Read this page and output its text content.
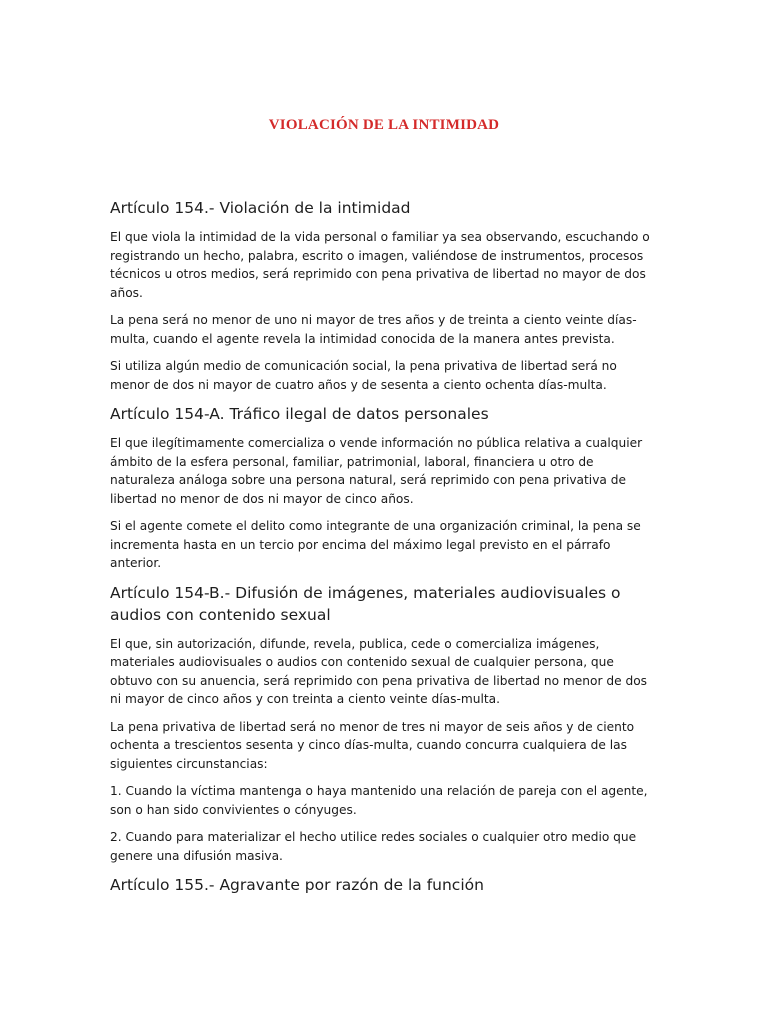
VIOLACIÓN DE LA INTIMIDAD
Artículo 154.- Violación de la intimidad

El que viola la intimidad de la vida personal o familiar ya sea observando, escuchando o registrando un hecho, palabra, escrito o imagen, valiéndose de instrumentos, procesos técnicos u otros medios, será reprimido con pena privativa de libertad no mayor de dos años.

La pena será no menor de uno ni mayor de tres años y de treinta a ciento veinte días-multa, cuando el agente revela la intimidad conocida de la manera antes prevista.

Si utiliza algún medio de comunicación social, la pena privativa de libertad será no menor de dos ni mayor de cuatro años y de sesenta a ciento ochenta días-multa.

Artículo 154-A. Tráfico ilegal de datos personales

El que ilegítimamente comercializa o vende información no pública relativa a cualquier ámbito de la esfera personal, familiar, patrimonial, laboral, financiera u otro de naturaleza análoga sobre una persona natural, será reprimido con pena privativa de libertad no menor de dos ni mayor de cinco años.

Si el agente comete el delito como integrante de una organización criminal, la pena se incrementa hasta en un tercio por encima del máximo legal previsto en el párrafo anterior.

Artículo 154-B.- Difusión de imágenes, materiales audiovisuales o audios con contenido sexual

El que, sin autorización, difunde, revela, publica, cede o comercializa imágenes, materiales audiovisuales o audios con contenido sexual de cualquier persona, que obtuvo con su anuencia, será reprimido con pena privativa de libertad no menor de dos ni mayor de cinco años y con treinta a ciento veinte días-multa.

La pena privativa de libertad será no menor de tres ni mayor de seis años y de ciento ochenta a trescientos sesenta y cinco días-multa, cuando concurra cualquiera de las siguientes circunstancias:

1. Cuando la víctima mantenga o haya mantenido una relación de pareja con el agente, son o han sido convivientes o cónyuges.

2. Cuando para materializar el hecho utilice redes sociales o cualquier otro medio que genere una difusión masiva.

Artículo 155.- Agravante por razón de la función
